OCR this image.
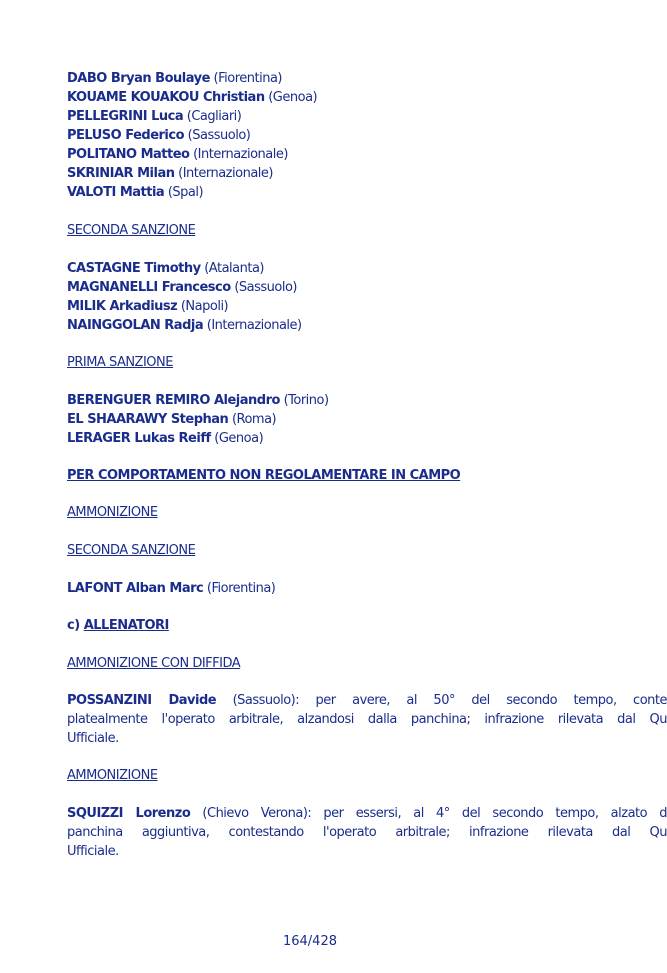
DABO Bryan Boulaye (Fiorentina)
KOUAME KOUAKOU Christian (Genoa)
PELLEGRINI Luca (Cagliari)
PELUSO Federico (Sassuolo)
POLITANO Matteo (Internazionale)
SKRINIAR Milan (Internazionale)
VALOTI Mattia (Spal)
SECONDA SANZIONE
CASTAGNE Timothy (Atalanta)
MAGNANELLI Francesco (Sassuolo)
MILIK Arkadiusz (Napoli)
NAINGGOLAN Radja (Internazionale)
PRIMA SANZIONE
BERENGUER REMIRO Alejandro (Torino)
EL SHAARAWY Stephan (Roma)
LERAGER Lukas Reiff (Genoa)
PER COMPORTAMENTO NON REGOLAMENTARE IN CAMPO
AMMONIZIONE
SECONDA SANZIONE
LAFONT Alban Marc (Fiorentina)
c) ALLENATORI
AMMONIZIONE CON DIFFIDA
POSSANZINI Davide (Sassuolo): per avere, al 50° del secondo tempo, conte
platealmente l'operato arbitrale, alzandosi dalla panchina; infrazione rilevata dal Qu
Ufficiale.
AMMONIZIONE
SQUIZZI Lorenzo (Chievo Verona): per essersi, al 4° del secondo tempo, alzato d
panchina aggiuntiva, contestando l'operato arbitrale; infrazione rilevata dal Qu
Ufficiale.
164/428
